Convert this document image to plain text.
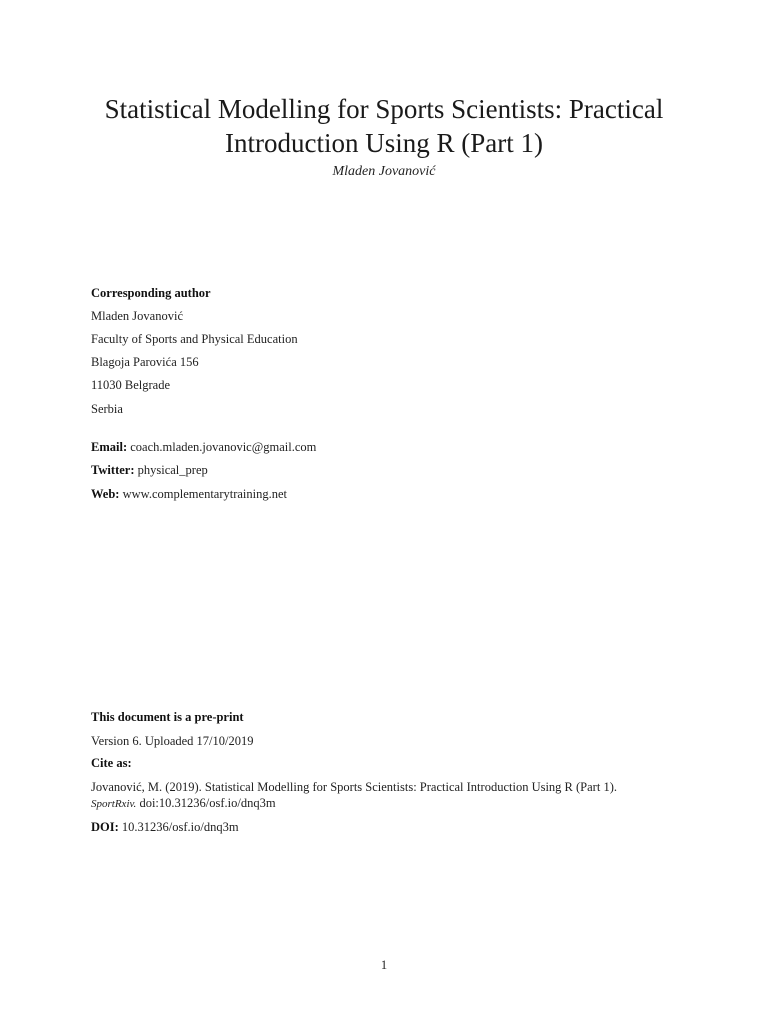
Statistical Modelling for Sports Scientists: Practical
Introduction Using R (Part 1)
Mladen Jovanović
Corresponding author
Mladen Jovanović
Faculty of Sports and Physical Education
Blagoja Parovića 156
11030 Belgrade
Serbia
Email: coach.mladen.jovanovic@gmail.com
Twitter: physical_prep
Web: www.complementarytraining.net
This document is a pre-print
Version 6. Uploaded 17/10/2019
Cite as:
Jovanović, M. (2019). Statistical Modelling for Sports Scientists: Practical Introduction Using R (Part 1).
SportRxiv. doi:10.31236/osf.io/dnq3m
DOI: 10.31236/osf.io/dnq3m
1
